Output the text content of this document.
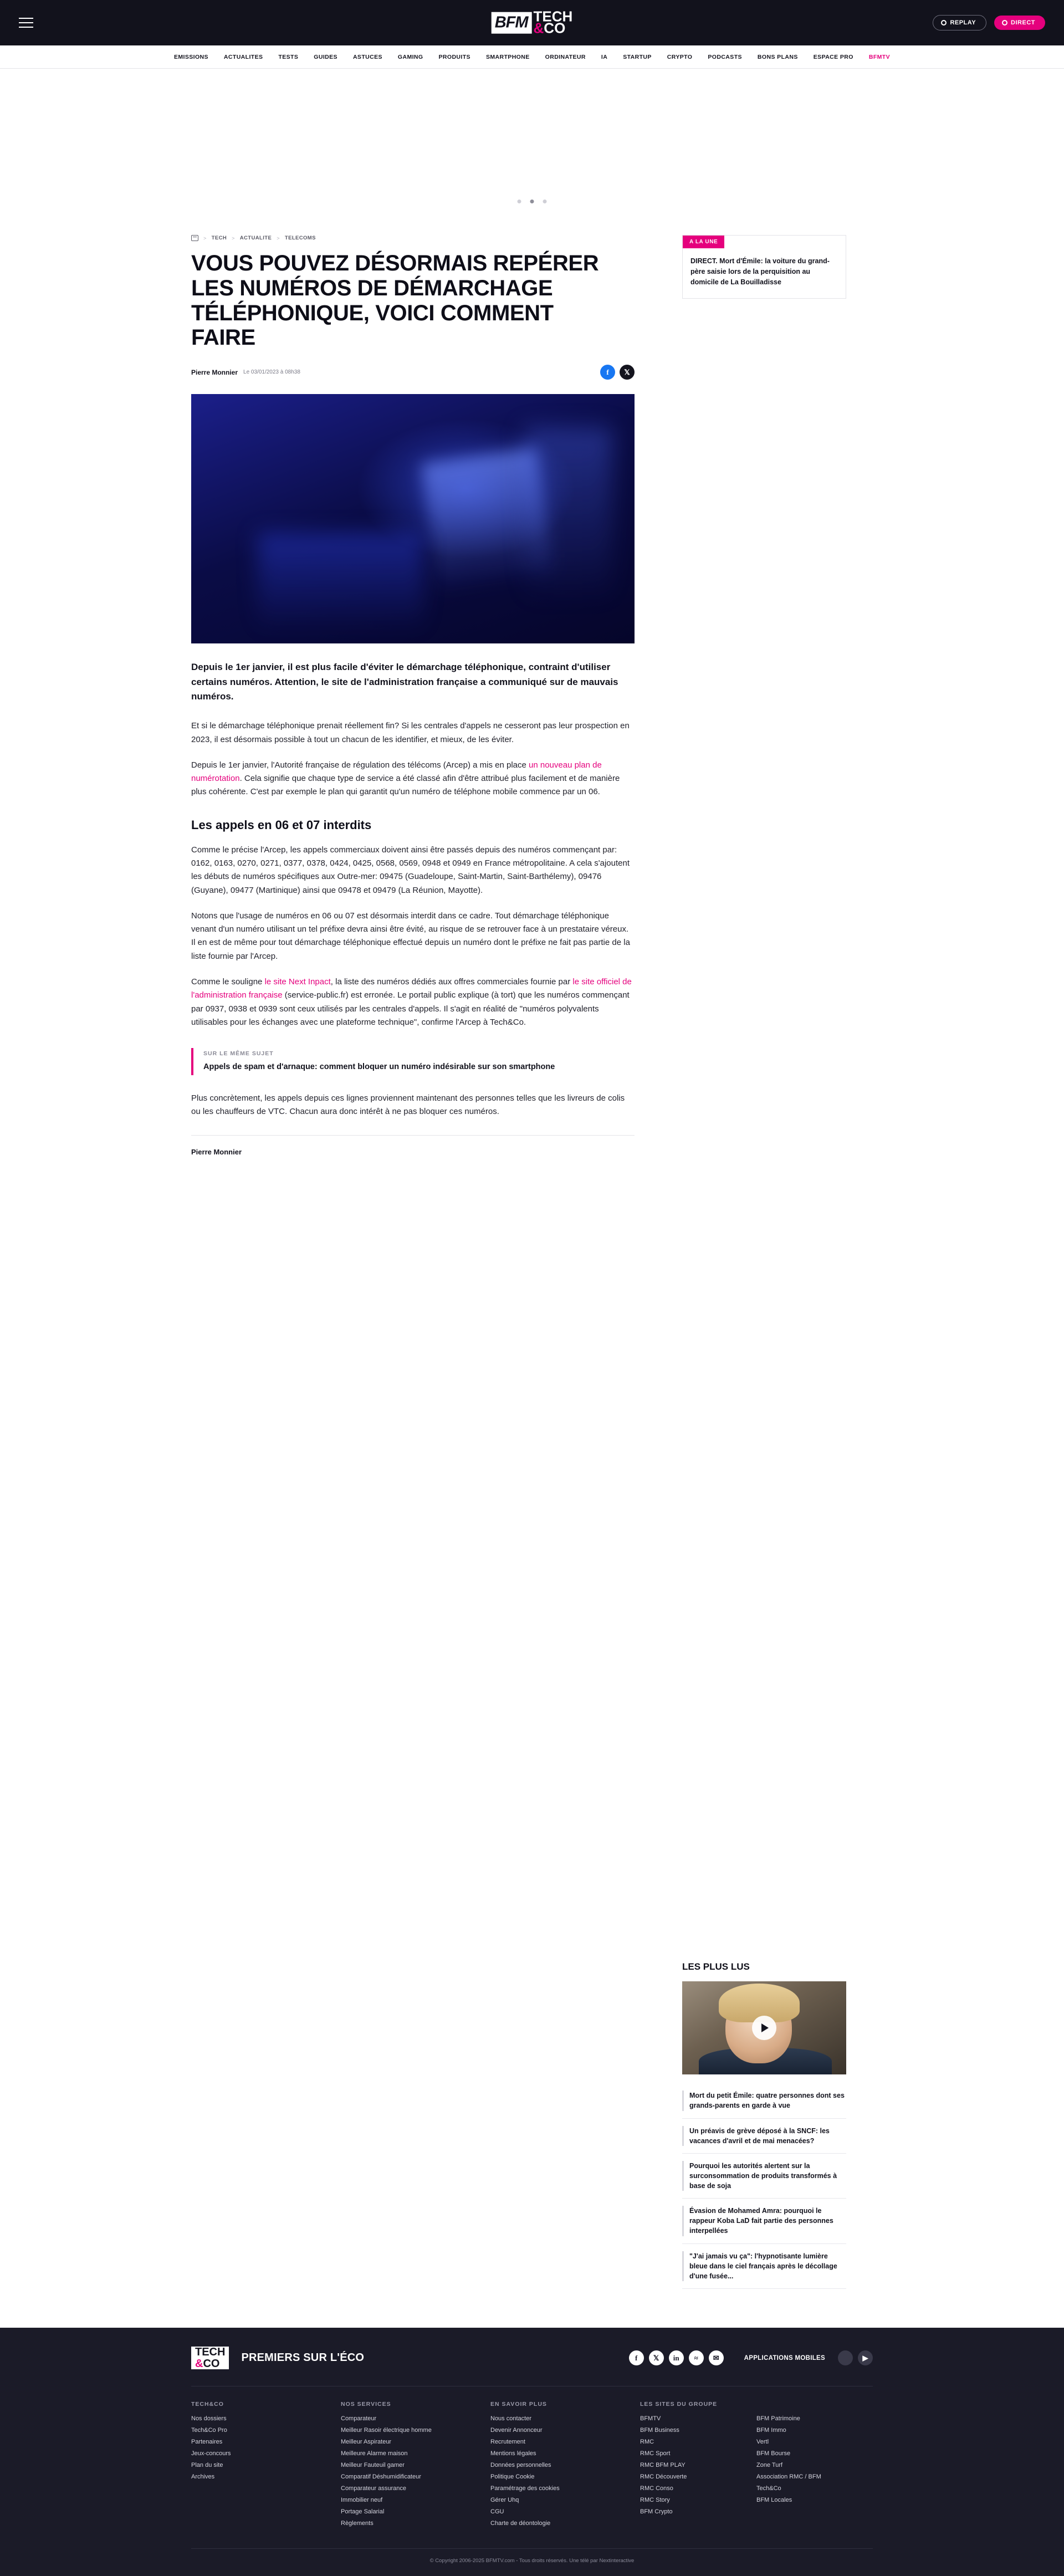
BFM TECH
&CO	REPLAY	DIRECT
EMISSIONS	ACTUALITES	TESTS	GUIDES	ASTUCES	GAMING	PRODUITS	SMARTPHONE	ORDINATEUR	IA	STARTUP	CRYPTO	PODCASTS	BONS PLANS	ESPACE PRO	BFMTV
> TECH > ACTUALITE > TELECOMS
VOUS POUVEZ DÉSORMAIS REPÉRER LES NUMÉROS DE DÉMARCHAGE TÉLÉPHONIQUE, VOICI COMMENT FAIRE
Pierre Monnier Le 03/01/2023 à 08h38	f	𝕏
Depuis le 1er janvier, il est plus facile d'éviter le démarchage téléphonique, contraint d'utiliser certains numéros. Attention, le site de l'administration française a communiqué sur de mauvais numéros.

Et si le démarchage téléphonique prenait réellement fin? Si les centrales d'appels ne cesseront pas leur prospection en 2023, il est désormais possible à tout un chacun de les identifier, et mieux, de les éviter.

Depuis le 1er janvier, l'Autorité française de régulation des télécoms (Arcep) a mis en place un nouveau plan de numérotation. Cela signifie que chaque type de service a été classé afin d'être attribué plus facilement et de manière plus cohérente. C'est par exemple le plan qui garantit qu'un numéro de téléphone mobile commence par un 06.

Les appels en 06 et 07 interdits

Comme le précise l'Arcep, les appels commerciaux doivent ainsi être passés depuis des numéros commençant par: 0162, 0163, 0270, 0271, 0377, 0378, 0424, 0425, 0568, 0569, 0948 et 0949 en France métropolitaine. A cela s'ajoutent les débuts de numéros spécifiques aux Outre-mer: 09475 (Guadeloupe, Saint-Martin, Saint-Barthélemy), 09476 (Guyane), 09477 (Martinique) ainsi que 09478 et 09479 (La Réunion, Mayotte).

Notons que l'usage de numéros en 06 ou 07 est désormais interdit dans ce cadre. Tout démarchage téléphonique venant d'un numéro utilisant un tel préfixe devra ainsi être évité, au risque de se retrouver face à un prestataire véreux. Il en est de même pour tout démarchage téléphonique effectué depuis un numéro dont le préfixe ne fait pas partie de la liste fournie par l'Arcep.

Comme le souligne le site Next Inpact, la liste des numéros dédiés aux offres commerciales fournie par le site officiel de l'administration française (service-public.fr) est erronée. Le portail public explique (à tort) que les numéros commençant par 0937, 0938 et 0939 sont ceux utilisés par les centrales d'appels. Il s'agit en réalité de "numéros polyvalents utilisables pour les échanges avec une plateforme technique", confirme l'Arcep à Tech&Co.

SUR LE MÊME SUJET
Appels de spam et d'arnaque: comment bloquer un numéro indésirable sur son smartphone

Plus concrètement, les appels depuis ces lignes proviennent maintenant des personnes telles que les livreurs de colis ou les chauffeurs de VTC. Chacun aura donc intérêt à ne pas bloquer ces numéros.

Pierre Monnier
A LA UNE
DIRECT. Mort d'Émile: la voiture du grand-père saisie lors de la perquisition au domicile de La Bouilladisse
LES PLUS LUS
Mort du petit Émile: quatre personnes dont ses grands-parents en garde à vue
Un préavis de grève déposé à la SNCF: les vacances d'avril et de mai menacées?
Pourquoi les autorités alertent sur la surconsommation de produits transformés à base de soja
Évasion de Mohamed Amra: pourquoi le rappeur Koba LaD fait partie des personnes interpellées
"J'ai jamais vu ça": l'hypnotisante lumière bleue dans le ciel français après le décollage d'une fusée...
TECH
&CO	PREMIERS SUR L'ÉCO	f	𝕏	in	≈	✉	APPLICATIONS MOBILES	▶
TECH&CO
Nos dossiers
Tech&Co Pro
Partenaires
Jeux-concours
Plan du site
Archives
NOS SERVICES
Comparateur
Meilleur Rasoir électrique homme
Meilleur Aspirateur
Meilleure Alarme maison
Meilleur Fauteuil gamer
Comparatif Déshumidificateur
Comparateur assurance
Immobilier neuf
Portage Salarial
Règlements
EN SAVOIR PLUS
Nous contacter
Devenir Annonceur
Recrutement
Mentions légales
Données personnelles
Politique Cookie
Paramétrage des cookies
Gérer Uhq
CGU
Charte de déontologie
LES SITES DU GROUPE
BFMTV
BFM Business
RMC
RMC Sport
RMC BFM PLAY
RMC Découverte
RMC Conso
RMC Story
BFM Crypto

BFM Patrimoine
BFM Immo
Vertl
BFM Bourse
Zone Turf
Association RMC / BFM
Tech&Co
BFM Locales
© Copyright 2006-2025 BFMTV.com - Tous droits réservés. Une télé par Nextinteractive
